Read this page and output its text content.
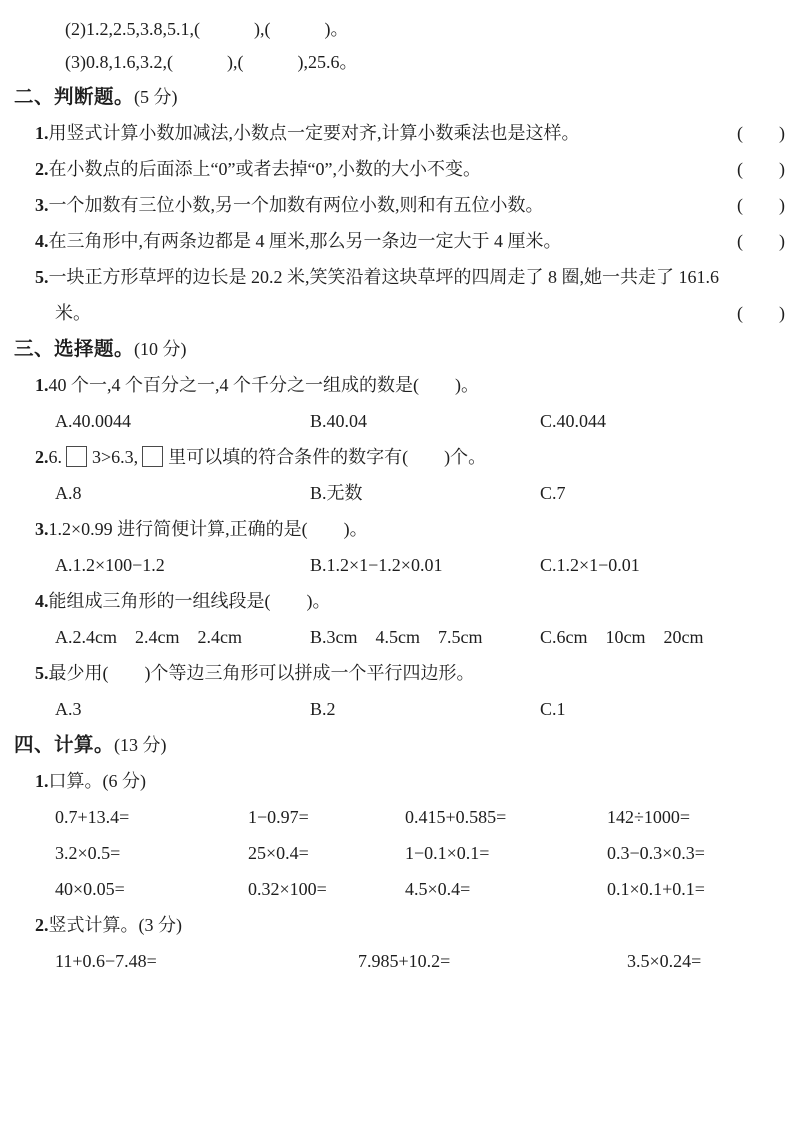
(2)1.2,2.5,3.8,5.1,(　　　),(　　　)。
(3)0.8,1.6,3.2,(　　　),(　　　),25.6。
二、判断题。(5 分)
1.用竖式计算小数加减法,小数点一定要对齐,计算小数乘法也是这样。	(　　)
2.在小数点的后面添上“0”或者去掉“0”,小数的大小不变。	(　　)
3.一个加数有三位小数,另一个加数有两位小数,则和有五位小数。	(　　)
4.在三角形中,有两条边都是 4 厘米,那么另一条边一定大于 4 厘米。	(　　)
5.一块正方形草坪的边长是 20.2 米,笑笑沿着这块草坪的四周走了 8 圈,她一共走了 161.6
米。	(　　)
三、选择题。(10 分)
1.40 个一,4 个百分之一,4 个千分之一组成的数是(　　)。
A.40.0044	B.40.04	C.40.044
2.6. 3>6.3, 里可以填的符合条件的数字有(　　)个。
A.8	B.无数	C.7
3.1.2×0.99 进行简便计算,正确的是(　　)。
A.1.2×100−1.2	B.1.2×1−1.2×0.01	C.1.2×1−0.01
4.能组成三角形的一组线段是(　　)。
A.2.4cm　2.4cm　2.4cm	B.3cm　4.5cm　7.5cm	C.6cm　10cm　20cm
5.最少用(　　)个等边三角形可以拼成一个平行四边形。
A.3	B.2	C.1
四、计算。(13 分)
1.口算。(6 分)
0.7+13.4=	1−0.97=	0.415+0.585=	142÷1000=
3.2×0.5=	25×0.4=	1−0.1×0.1=	0.3−0.3×0.3=
40×0.05=	0.32×100=	4.5×0.4=	0.1×0.1+0.1=
2.竖式计算。(3 分)
11+0.6−7.48=	7.985+10.2=	3.5×0.24=
